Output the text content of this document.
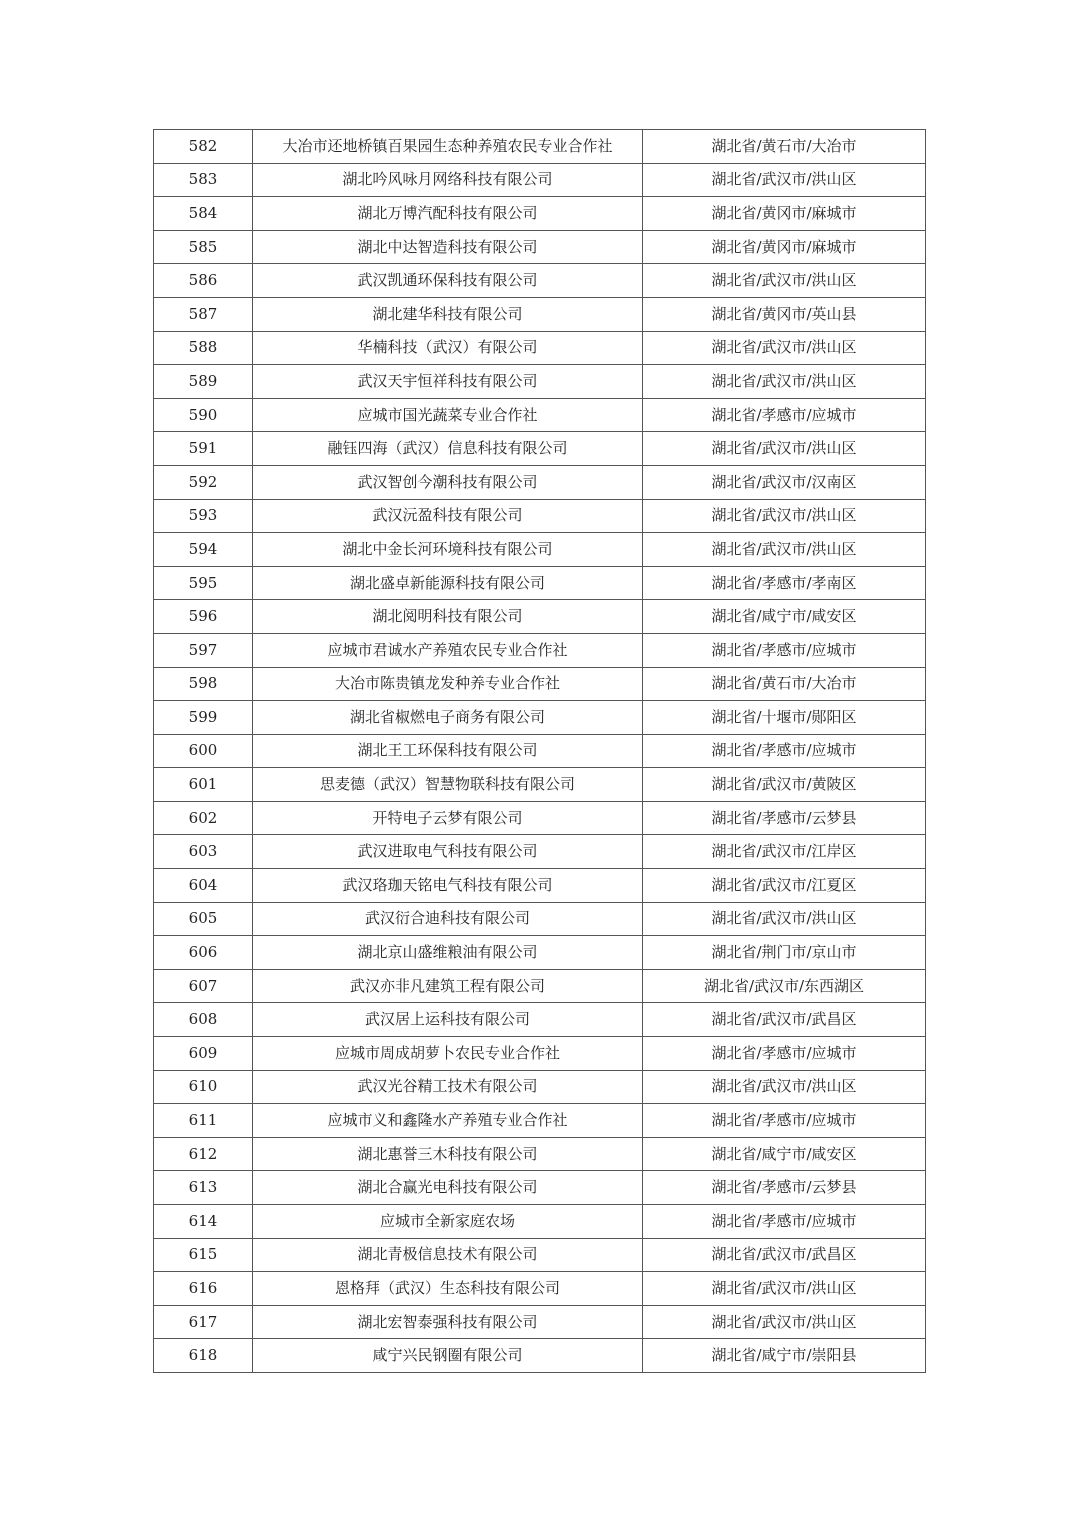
582	大冶市还地桥镇百果园生态种养殖农民专业合作社	湖北省/黄石市/大冶市
583	湖北吟风咏月网络科技有限公司	湖北省/武汉市/洪山区
584	湖北万博汽配科技有限公司	湖北省/黄冈市/麻城市
585	湖北中达智造科技有限公司	湖北省/黄冈市/麻城市
586	武汉凯通环保科技有限公司	湖北省/武汉市/洪山区
587	湖北建华科技有限公司	湖北省/黄冈市/英山县
588	华楠科技（武汉）有限公司	湖北省/武汉市/洪山区
589	武汉天宇恒祥科技有限公司	湖北省/武汉市/洪山区
590	应城市国光蔬菜专业合作社	湖北省/孝感市/应城市
591	融钰四海（武汉）信息科技有限公司	湖北省/武汉市/洪山区
592	武汉智创今潮科技有限公司	湖北省/武汉市/汉南区
593	武汉沅盈科技有限公司	湖北省/武汉市/洪山区
594	湖北中金长河环境科技有限公司	湖北省/武汉市/洪山区
595	湖北盛卓新能源科技有限公司	湖北省/孝感市/孝南区
596	湖北阅明科技有限公司	湖北省/咸宁市/咸安区
597	应城市君诚水产养殖农民专业合作社	湖北省/孝感市/应城市
598	大冶市陈贵镇龙发种养专业合作社	湖北省/黄石市/大冶市
599	湖北省椒燃电子商务有限公司	湖北省/十堰市/郧阳区
600	湖北王工环保科技有限公司	湖北省/孝感市/应城市
601	思麦德（武汉）智慧物联科技有限公司	湖北省/武汉市/黄陂区
602	开特电子云梦有限公司	湖北省/孝感市/云梦县
603	武汉进取电气科技有限公司	湖北省/武汉市/江岸区
604	武汉珞珈天铭电气科技有限公司	湖北省/武汉市/江夏区
605	武汉衍合迪科技有限公司	湖北省/武汉市/洪山区
606	湖北京山盛维粮油有限公司	湖北省/荆门市/京山市
607	武汉亦非凡建筑工程有限公司	湖北省/武汉市/东西湖区
608	武汉居上运科技有限公司	湖北省/武汉市/武昌区
609	应城市周成胡萝卜农民专业合作社	湖北省/孝感市/应城市
610	武汉光谷精工技术有限公司	湖北省/武汉市/洪山区
611	应城市义和鑫隆水产养殖专业合作社	湖北省/孝感市/应城市
612	湖北惠誉三木科技有限公司	湖北省/咸宁市/咸安区
613	湖北合赢光电科技有限公司	湖北省/孝感市/云梦县
614	应城市全新家庭农场	湖北省/孝感市/应城市
615	湖北青极信息技术有限公司	湖北省/武汉市/武昌区
616	恩格拜（武汉）生态科技有限公司	湖北省/武汉市/洪山区
617	湖北宏智泰强科技有限公司	湖北省/武汉市/洪山区
618	咸宁兴民钢圈有限公司	湖北省/咸宁市/崇阳县
